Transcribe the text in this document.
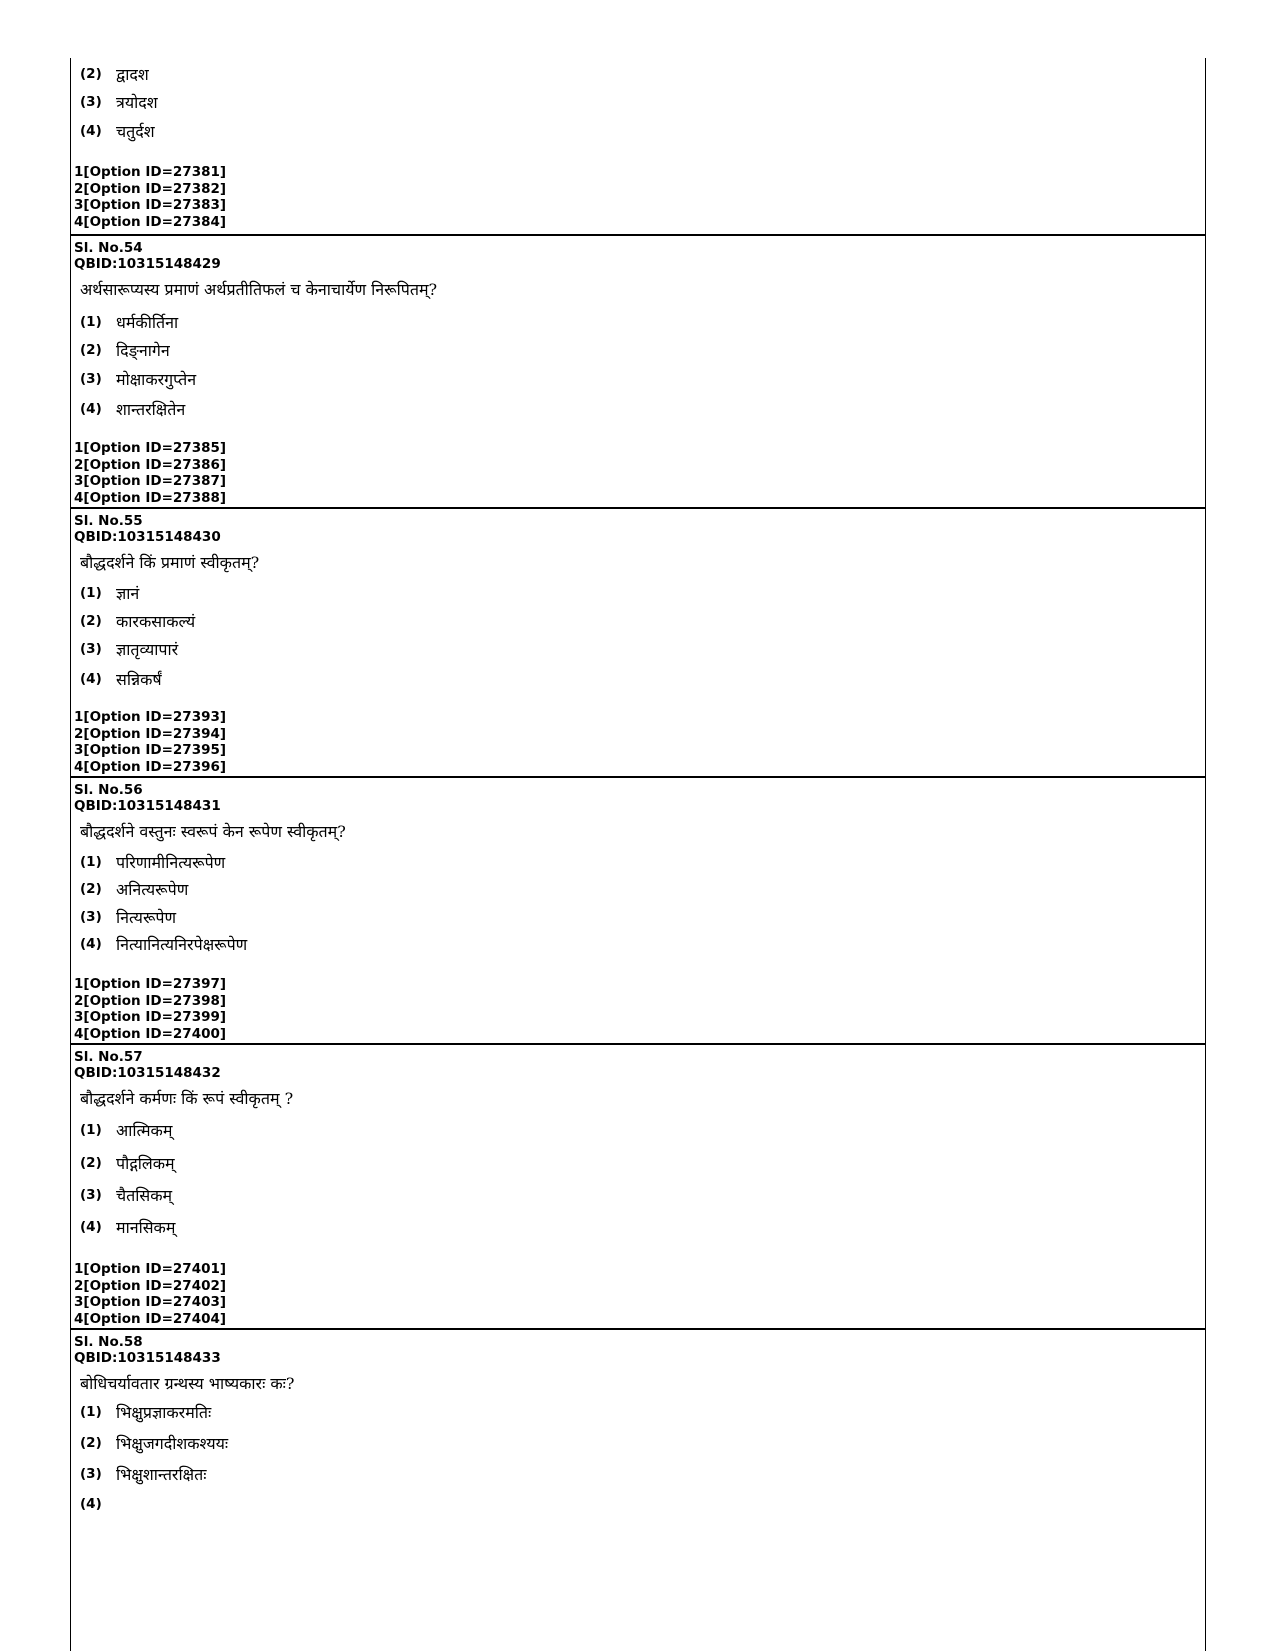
(2) द्वादश
(3) त्रयोदश
(4) चतुर्दश
1[Option ID=27381]
2[Option ID=27382]
3[Option ID=27383]
4[Option ID=27384]
Sl. No.54
QBID:10315148429
अर्थसारूप्यस्य प्रमाणं अर्थप्रतीतिफलं च केनाचार्येण निरूपितम्?
(1) धर्मकीर्तिना
(2) दिङ्नागेन
(3) मोक्षाकरगुप्तेन
(4) शान्तरक्षितेन
1[Option ID=27385]
2[Option ID=27386]
3[Option ID=27387]
4[Option ID=27388]
Sl. No.55
QBID:10315148430
बौद्धदर्शने किं प्रमाणं स्वीकृतम्?
(1) ज्ञानं
(2) कारकसाकल्यं
(3) ज्ञातृव्यापारं
(4) सन्निकर्षं
1[Option ID=27393]
2[Option ID=27394]
3[Option ID=27395]
4[Option ID=27396]
Sl. No.56
QBID:10315148431
बौद्धदर्शने वस्तुनः स्वरूपं केन रूपेण स्वीकृतम्?
(1) परिणामीनित्यरूपेण
(2) अनित्यरूपेण
(3) नित्यरूपेण
(4) नित्यानित्यनिरपेक्षरूपेण
1[Option ID=27397]
2[Option ID=27398]
3[Option ID=27399]
4[Option ID=27400]
Sl. No.57
QBID:10315148432
बौद्धदर्शने कर्मणः किं रूपं स्वीकृतम् ?
(1) आत्मिकम्
(2) पौद्गलिकम्
(3) चैतसिकम्
(4) मानसिकम्
1[Option ID=27401]
2[Option ID=27402]
3[Option ID=27403]
4[Option ID=27404]
Sl. No.58
QBID:10315148433
बोधिचर्यावतार ग्रन्थस्य भाष्यकारः कः?
(1) भिक्षुप्रज्ञाकरमतिः
(2) भिक्षुजगदीशकश्ययः
(3) भिक्षुशान्तरक्षितः
(4)
